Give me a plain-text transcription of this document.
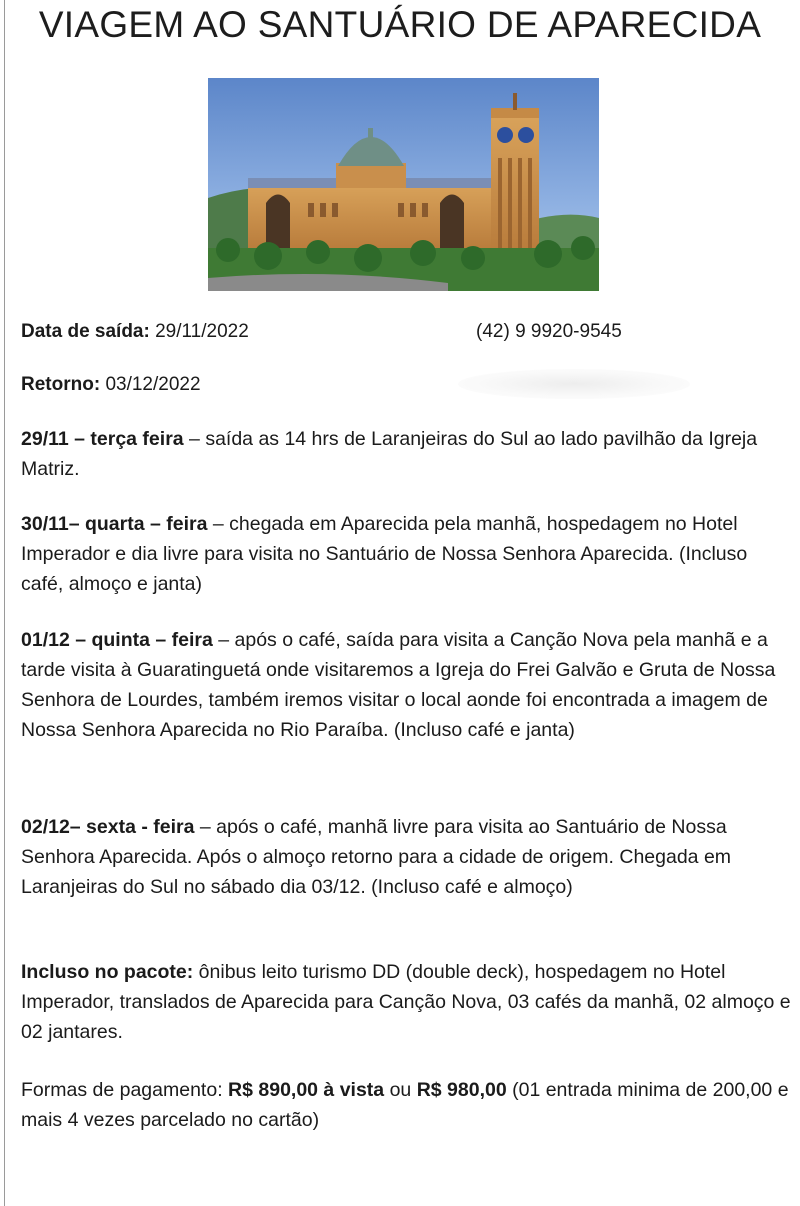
VIAGEM AO SANTUÁRIO DE APARECIDA
Data de saída: 29/11/2022	(42) 9 9920-9545
Retorno: 03/12/2022

29/11 – terça feira – saída as 14 hrs de Laranjeiras do Sul ao lado pavilhão da Igreja Matriz.

30/11– quarta – feira – chegada em Aparecida pela manhã, hospedagem no Hotel Imperador e dia livre para visita no Santuário de Nossa Senhora Aparecida. (Incluso café, almoço e janta)

01/12 – quinta – feira – após o café, saída para visita a Canção Nova pela manhã e a tarde visita à Guaratinguetá onde visitaremos a Igreja do Frei Galvão e Gruta de Nossa Senhora de Lourdes, também iremos visitar o local aonde foi encontrada a imagem de Nossa Senhora Aparecida no Rio Paraíba. (Incluso café e janta)

02/12– sexta - feira – após o café, manhã livre para visita ao Santuário de Nossa Senhora Aparecida. Após o almoço retorno para a cidade de origem. Chegada em Laranjeiras do Sul no sábado dia 03/12. (Incluso café e almoço)

Incluso no pacote: ônibus leito turismo DD (double deck), hospedagem no Hotel Imperador, translados de Aparecida para Canção Nova, 03 cafés da manhã, 02 almoço e 02 jantares.

Formas de pagamento: R$ 890,00 à vista ou R$ 980,00 (01 entrada minima de 200,00 e mais 4 vezes parcelado no cartão)
